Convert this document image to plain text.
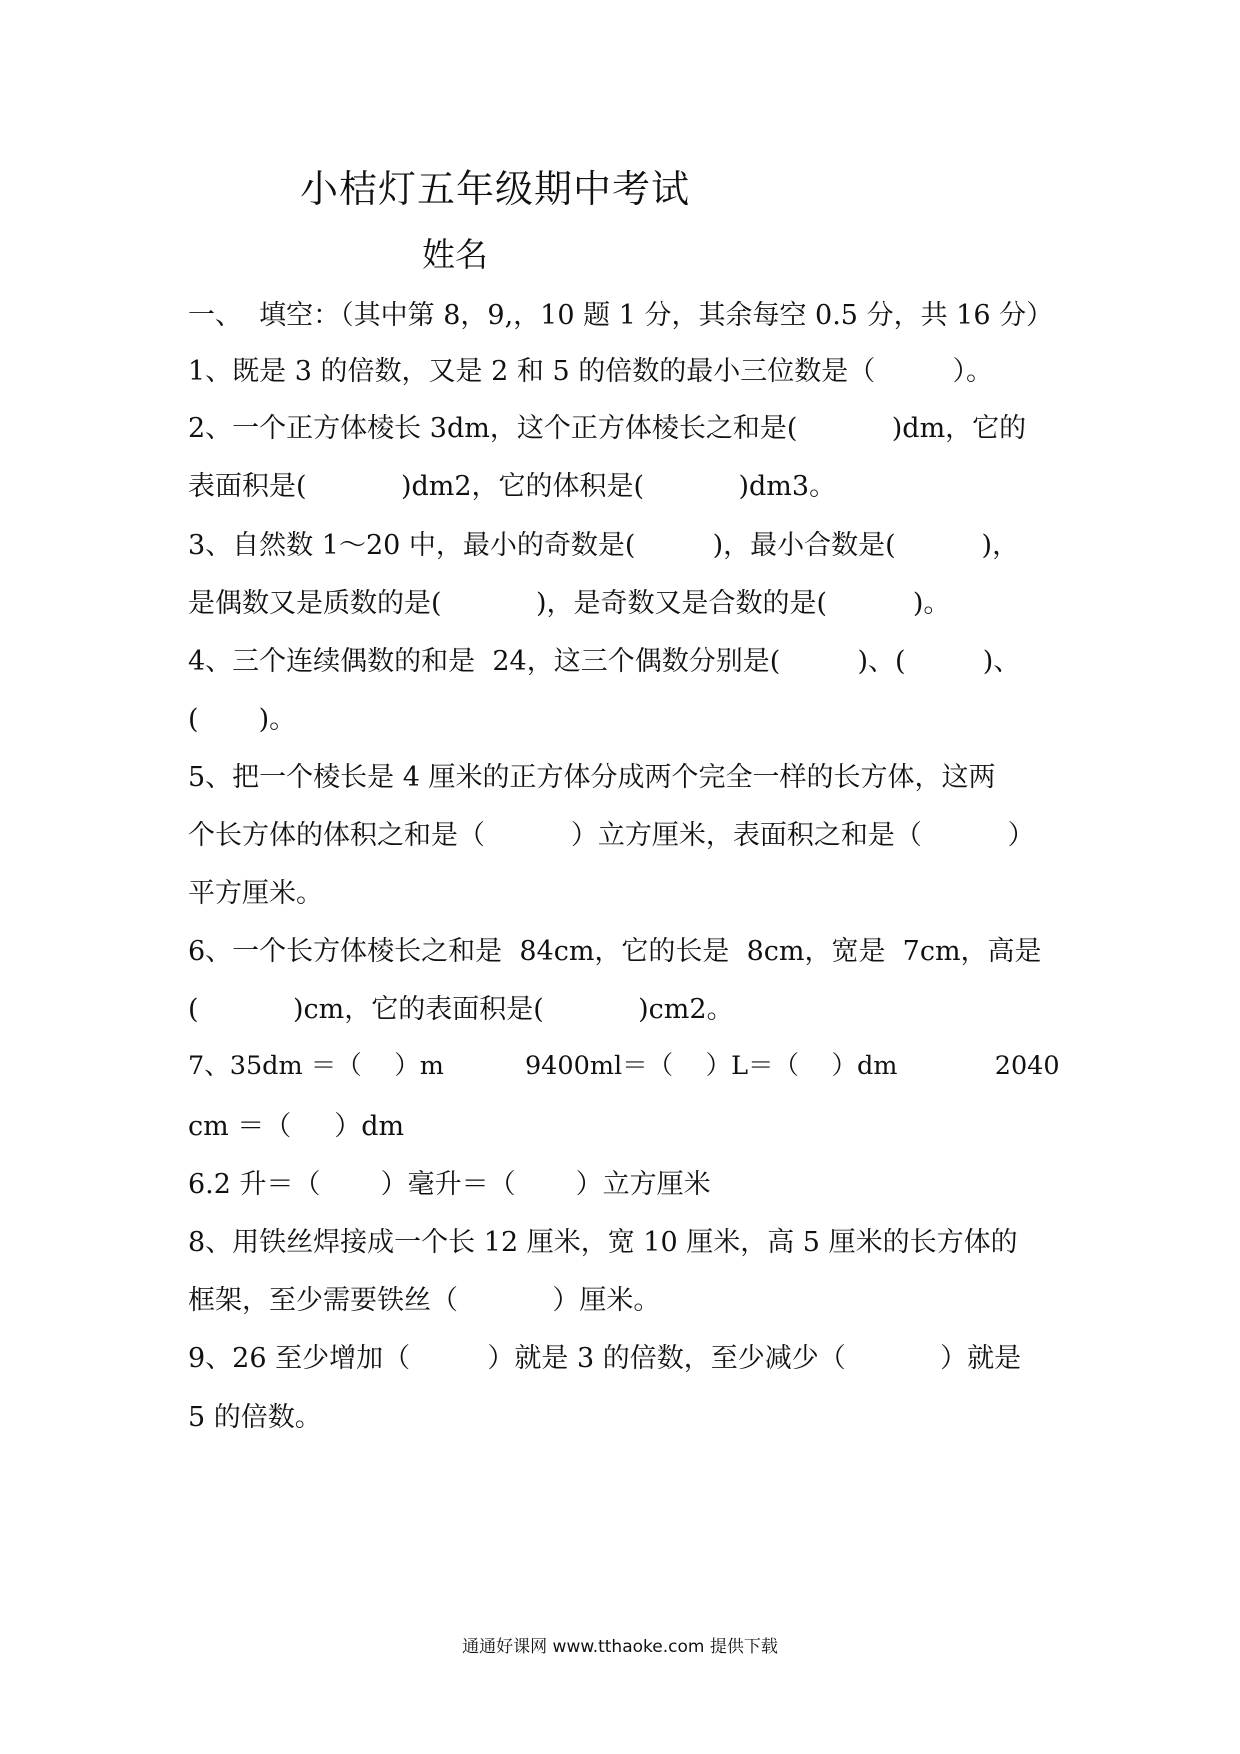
小桔灯五年级期中考试
姓名
一、  填空：（其中第 8，9,，10 题 1 分，其余每空 0.5 分，共 16 分）
1、既是 3 的倍数，又是 2 和 5 的倍数的最小三位数是（         ）。
2、一个正方体棱长 3dm，这个正方体棱长之和是(           )dm，它的
表面积是(           )dm2，它的体积是(           )dm3。
3、自然数 1～20 中，最小的奇数是(         )，最小合数是(          )，
是偶数又是质数的是(           )，是奇数又是合数的是(          )。
4、三个连续偶数的和是  24，这三个偶数分别是(         )、(         )、
(       )。
5、把一个棱长是 4 厘米的正方体分成两个完全一样的长方体，这两
个长方体的体积之和是（          ）立方厘米，表面积之和是（          ）
平方厘米。
6、一个长方体棱长之和是  84cm，它的长是  8cm，宽是  7cm，高是
(           )cm，它的表面积是(           )cm2。
7、35dm ＝（    ）m          9400ml＝（    ）L＝（    ）dm            2040
cm ＝（     ）dm
6.2 升＝（       ）毫升＝（       ）立方厘米
8、用铁丝焊接成一个长 12 厘米，宽 10 厘米，高 5 厘米的长方体的
框架，至少需要铁丝（           ）厘米。
9、26 至少增加（         ）就是 3 的倍数，至少减少（           ）就是
5 的倍数。
通通好课网 www.tthaoke.com 提供下载
